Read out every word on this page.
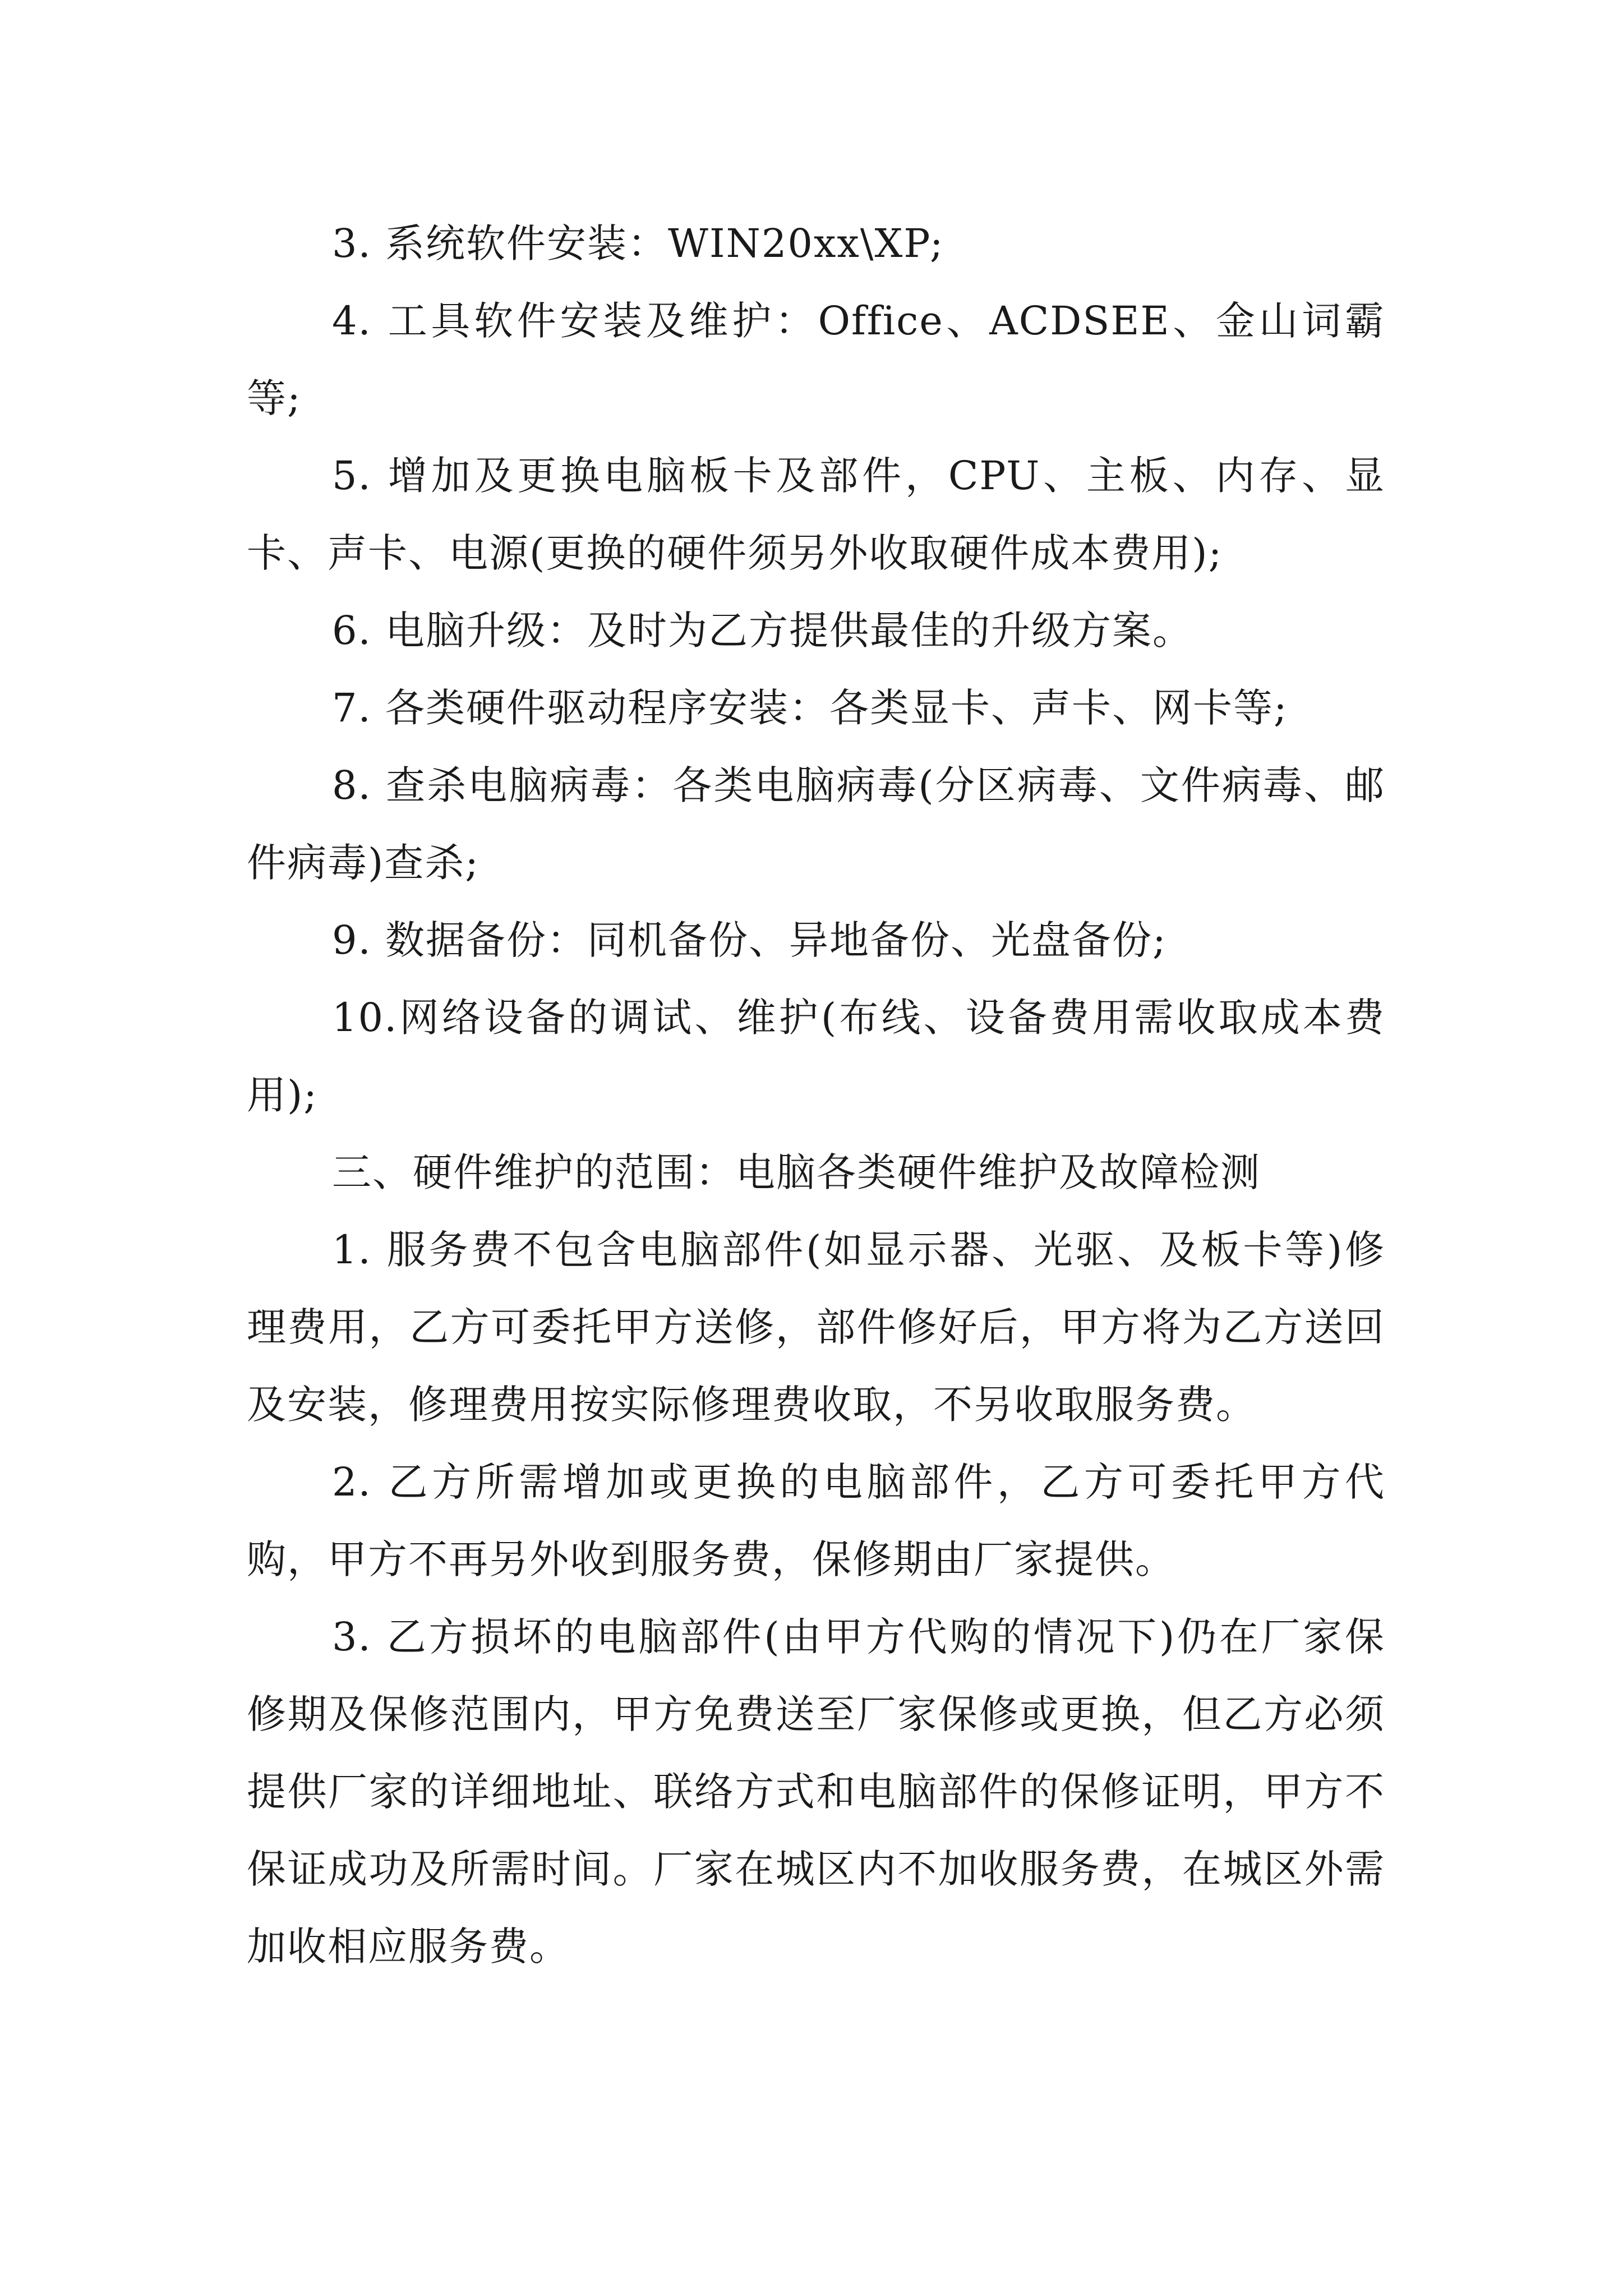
3. 系统软件安装：WIN20xx\XP;

4. 工具软件安装及维护：Office、ACDSEE、金山词霸等;

5. 增加及更换电脑板卡及部件，CPU、主板、内存、显卡、声卡、电源(更换的硬件须另外收取硬件成本费用);

6. 电脑升级：及时为乙方提供最佳的升级方案。

7. 各类硬件驱动程序安装：各类显卡、声卡、网卡等;

8. 查杀电脑病毒：各类电脑病毒(分区病毒、文件病毒、邮件病毒)查杀;

9. 数据备份：同机备份、异地备份、光盘备份;

10.网络设备的调试、维护(布线、设备费用需收取成本费用);

三、硬件维护的范围：电脑各类硬件维护及故障检测

1. 服务费不包含电脑部件(如显示器、光驱、及板卡等)修理费用，乙方可委托甲方送修，部件修好后，甲方将为乙方送回及安装，修理费用按实际修理费收取，不另收取服务费。

2. 乙方所需增加或更换的电脑部件，乙方可委托甲方代购，甲方不再另外收到服务费，保修期由厂家提供。

3. 乙方损坏的电脑部件(由甲方代购的情况下)仍在厂家保修期及保修范围内，甲方免费送至厂家保修或更换，但乙方必须提供厂家的详细地址、联络方式和电脑部件的保修证明，甲方不保证成功及所需时间。厂家在城区内不加收服务费，在城区外需加收相应服务费。
